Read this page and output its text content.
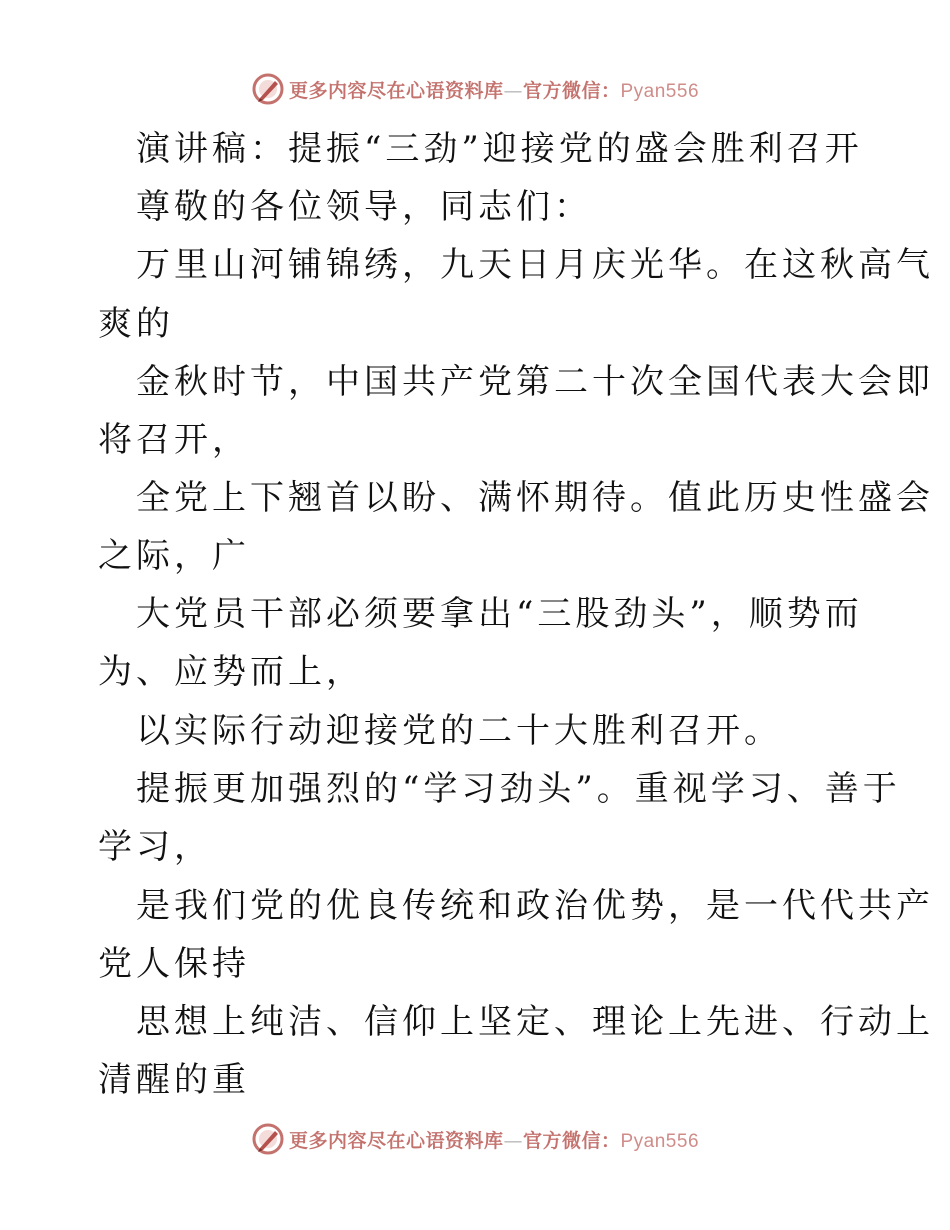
更多内容尽在心语资料库—官方微信：Pyan556
演讲稿：提振“三劲”迎接党的盛会胜利召开
尊敬的各位领导，同志们：
万里山河铺锦绣，九天日月庆光华。在这秋高气
爽的
金秋时节，中国共产党第二十次全国代表大会即
将召开，
全党上下翘首以盼、满怀期待。值此历史性盛会
之际，广
大党员干部必须要拿出“三股劲头”，顺势而
为、应势而上，
以实际行动迎接党的二十大胜利召开。
提振更加强烈的“学习劲头”。重视学习、善于
学习，
是我们党的优良传统和政治优势，是一代代共产
党人保持
思想上纯洁、信仰上坚定、理论上先进、行动上
清醒的重
更多内容尽在心语资料库—官方微信：Pyan556
